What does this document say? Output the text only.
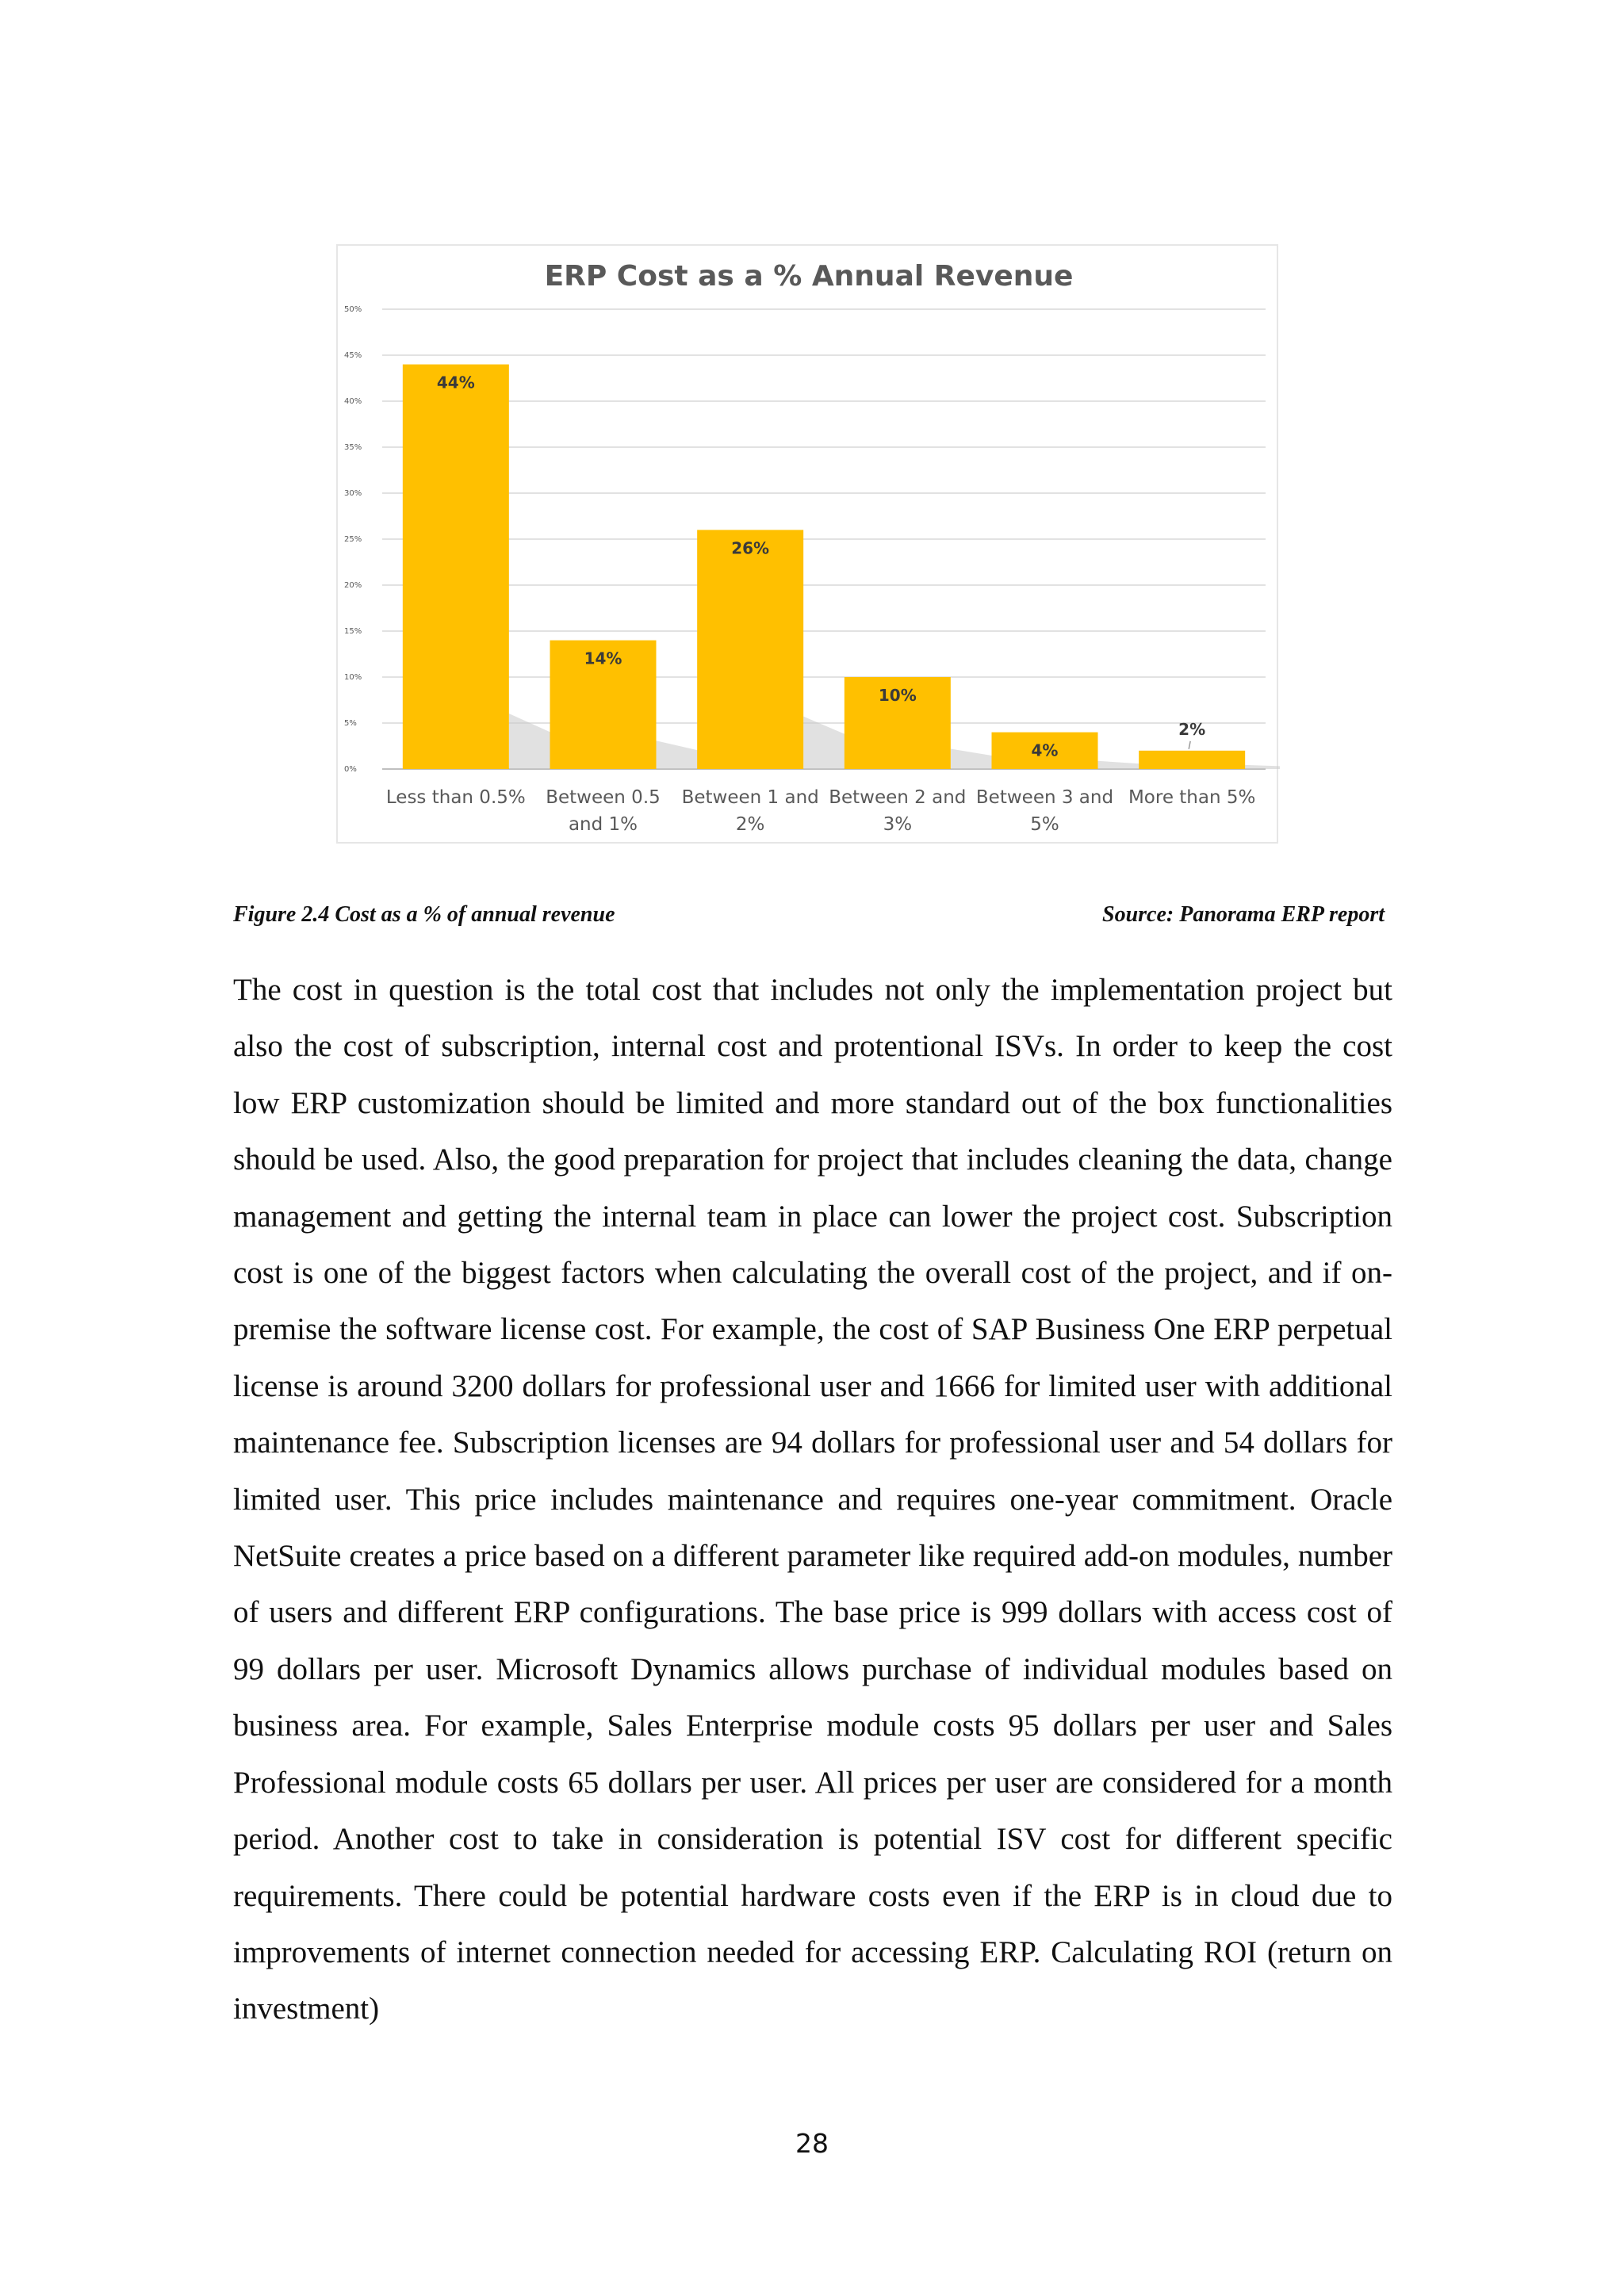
ERP Cost as a % Annual Revenue
0%
5%
10%
15%
20%
25%
30%
35%
40%
45%
50%
44%
14%
26%
10%
4%
2%
Less than 0.5% Between 0.5
and 1%
Between 1 and
2%
Between 2 and
3%
Between 3 and
5%
More than 5%
Figure 2.4 Cost as a % of annual revenue	Source: Panorama ERP report

The cost in question is the total cost that includes not only the implementation project but also the cost of subscription, internal cost and protentional ISVs. In order to keep the cost low ERP customization should be limited and more standard out of the box functionalities should be used. Also, the good preparation for project that includes cleaning the data, change management and getting the internal team in place can lower the project cost. Subscription cost is one of the biggest factors when calculating the overall cost of the project, and if on-premise the software license cost. For example, the cost of SAP Business One ERP perpetual license is around 3200 dollars for professional user and 1666 for limited user with additional maintenance fee. Subscription licenses are 94 dollars for professional user and 54 dollars for limited user. This price includes maintenance and requires one-year commitment. Oracle NetSuite creates a price based on a different parameter like required add-on modules, number of users and different ERP configurations. The base price is 999 dollars with access cost of 99 dollars per user. Microsoft Dynamics allows purchase of individual modules based on business area. For example, Sales Enterprise module costs 95 dollars per user and Sales Professional module costs 65 dollars per user. All prices per user are considered for a month period. Another cost to take in consideration is potential ISV cost for different specific requirements. There could be potential hardware costs even if the ERP is in cloud due to improvements of internet connection needed for accessing ERP. Calculating ROI (return on investment)

28
